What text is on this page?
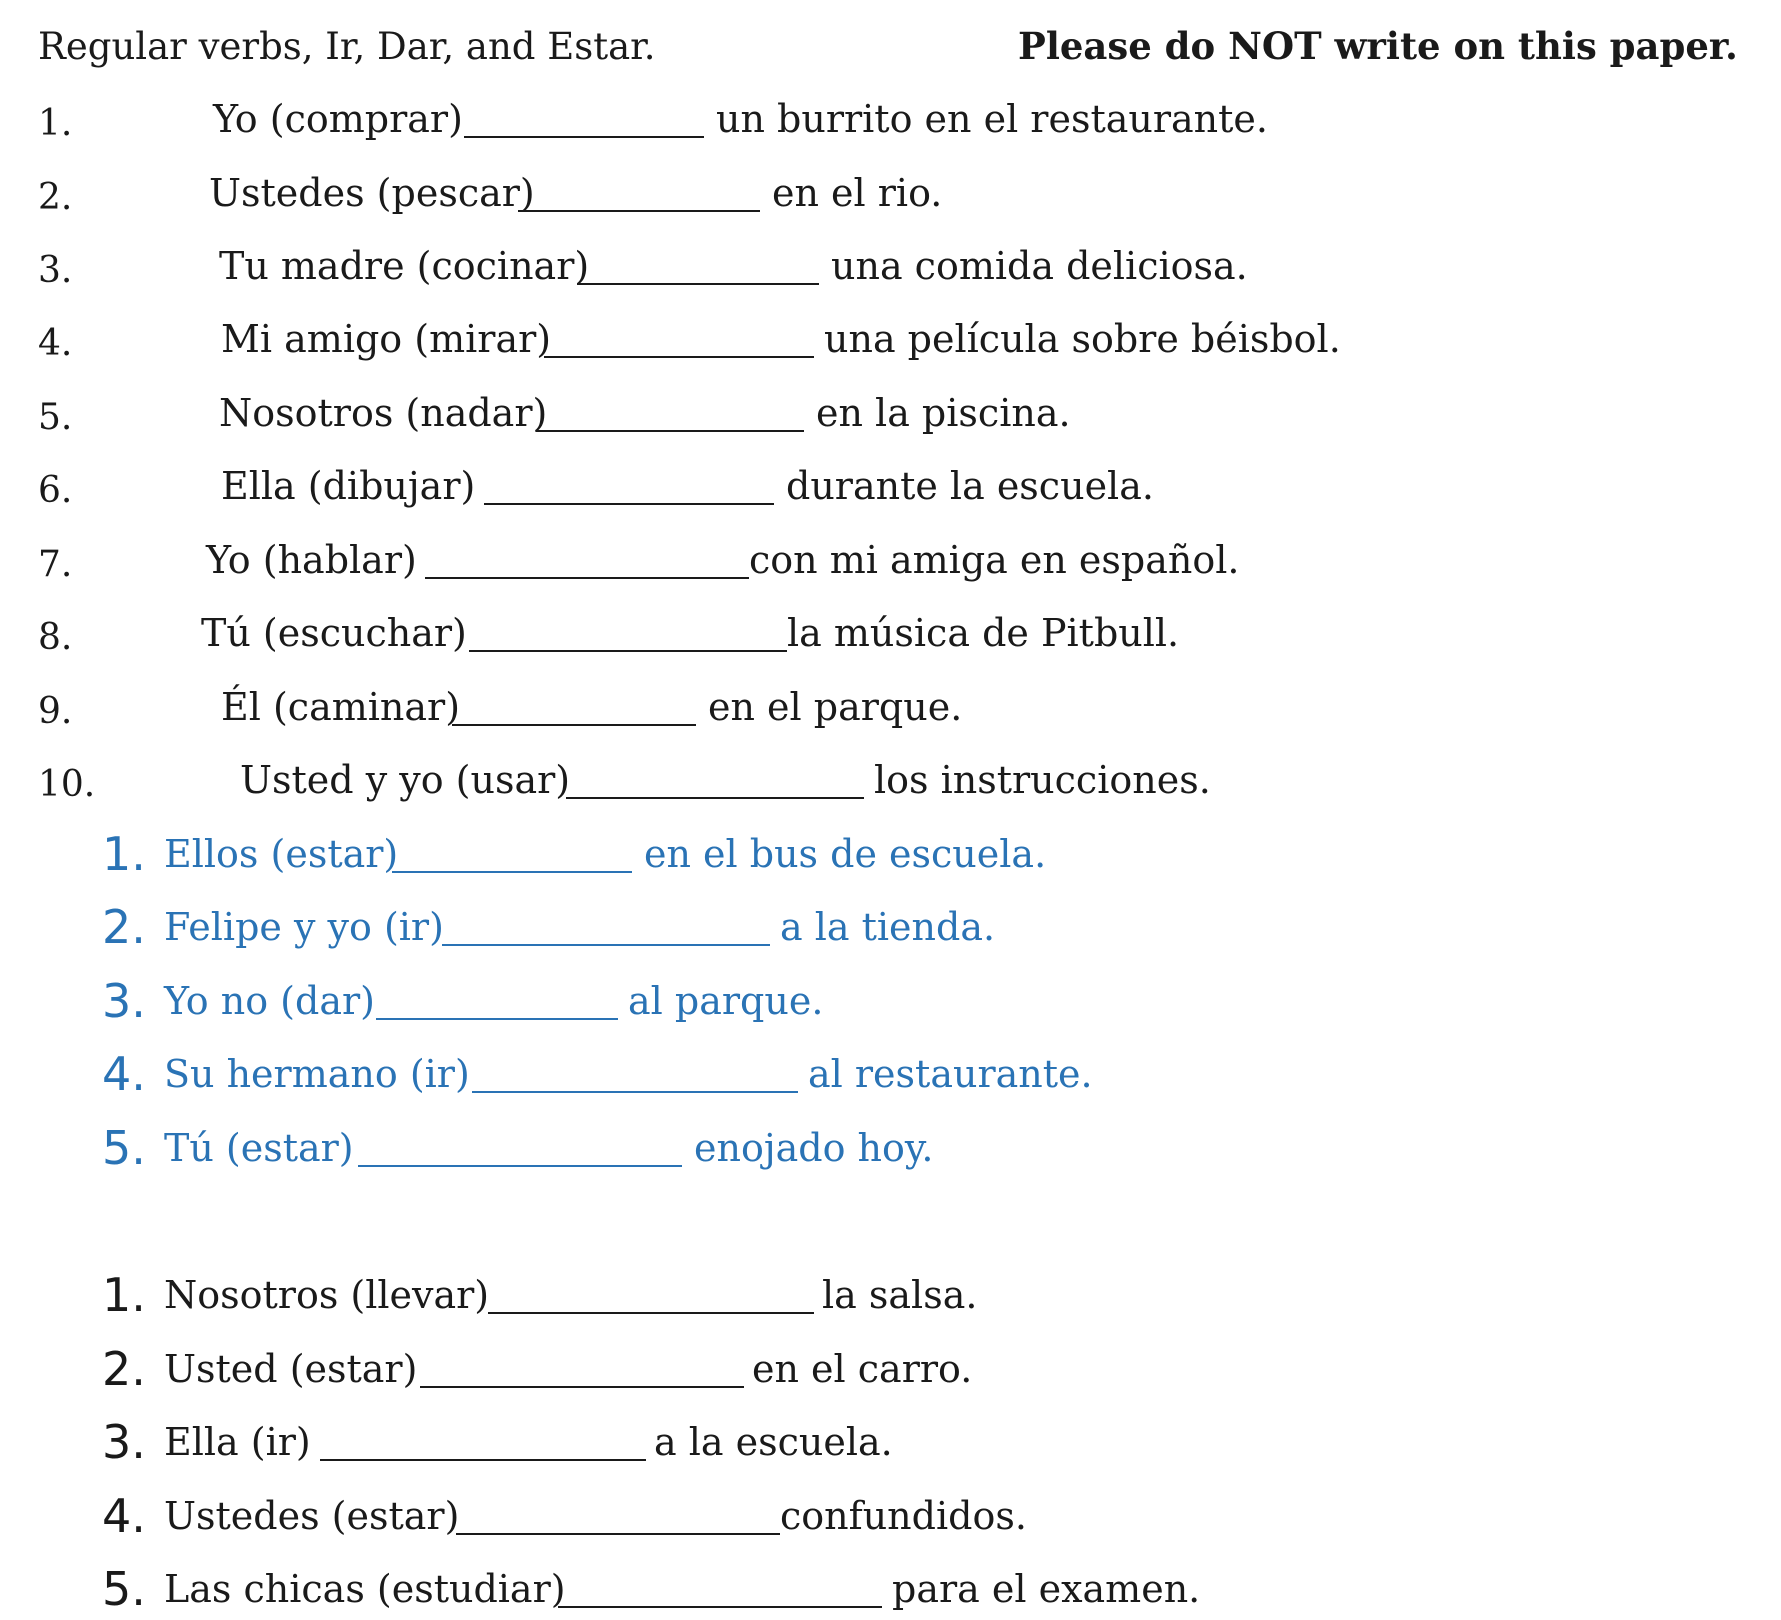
Regular verbs, Ir, Dar, and Estar.	Please do NOT write on this paper.
1.	Yo (comprar)	un burrito en el restaurante.
2.	Ustedes (pescar)	en el rio.
3.	Tu madre (cocinar)	una comida deliciosa.
4.	Mi amigo (mirar)	una película sobre béisbol.
5.	Nosotros (nadar)	en la piscina.
6.	Ella (dibujar)	durante la escuela.
7.	Yo (hablar)	con mi amiga en español.
8.	Tú (escuchar)	la música de Pitbull.
9.	Él (caminar)	en el parque.
10.	Usted y yo (usar)	los instrucciones.
1. Ellos (estar)	en el bus de escuela.
2. Felipe y yo (ir)	a la tienda.
3. Yo no (dar)	al parque.
4. Su hermano (ir)	al restaurante.
5. Tú (estar)	enojado hoy.
1. Nosotros (llevar)	la salsa.
2. Usted (estar)	en el carro.
3. Ella (ir)	a la escuela.
4. Ustedes (estar)	confundidos.
5. Las chicas (estudiar)	para el examen.
